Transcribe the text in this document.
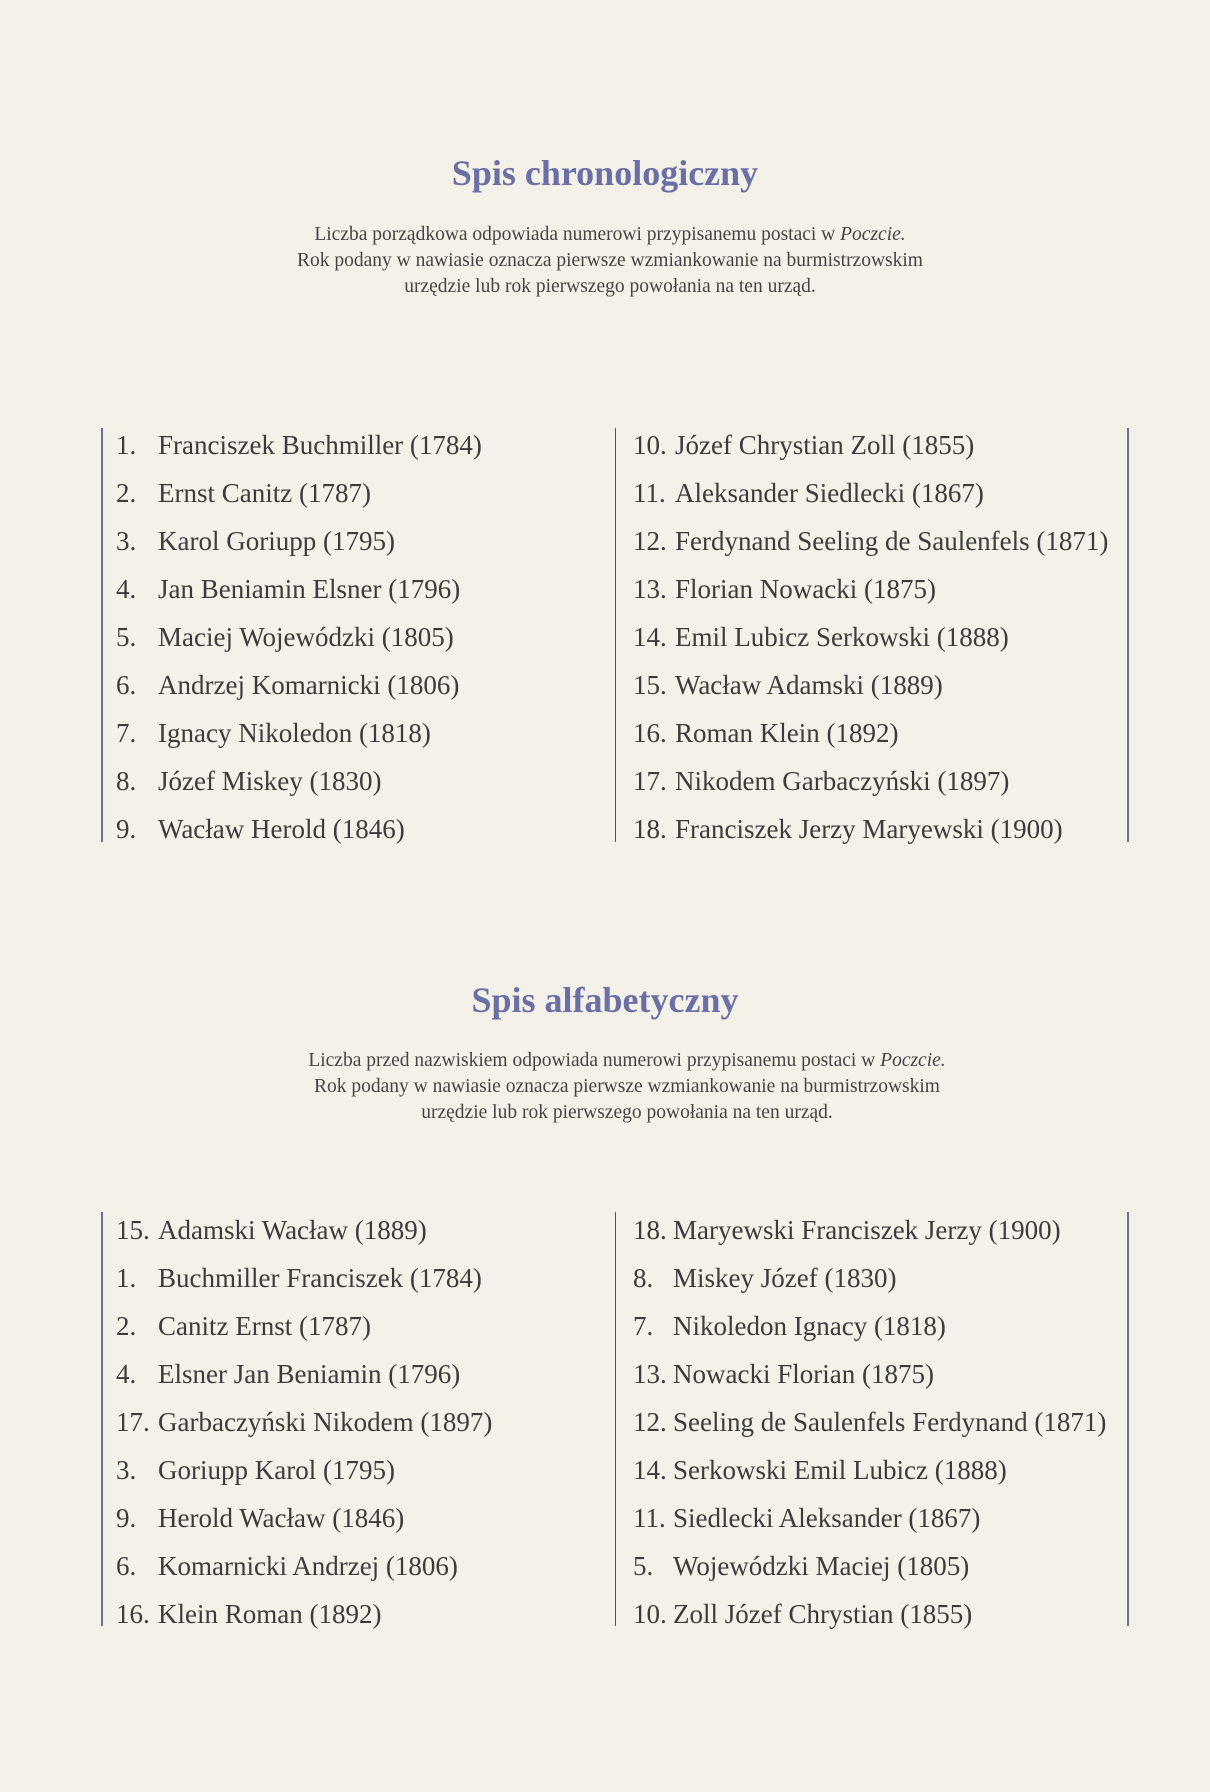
Spis chronologiczny

Liczba porządkowa odpowiada numerowi przypisanemu postaci w Poczcie.

Rok podany w nawiasie oznacza pierwsze wzmiankowanie na burmistrzowskim

urzędzie lub rok pierwszego powołania na ten urząd.

1. Franciszek Buchmiller (1784)
2. Ernst Canitz (1787)
3. Karol Goriupp (1795)
4. Jan Beniamin Elsner (1796)
5. Maciej Wojewódzki (1805)
6. Andrzej Komarnicki (1806)
7. Ignacy Nikoledon (1818)
8. Józef Miskey (1830)
9. Wacław Herold (1846)
10. Józef Chrystian Zoll (1855)
11. Aleksander Siedlecki (1867)
12. Ferdynand Seeling de Saulenfels (1871)
13. Florian Nowacki (1875)
14. Emil Lubicz Serkowski (1888)
15. Wacław Adamski (1889)
16. Roman Klein (1892)
17. Nikodem Garbaczyński (1897)
18. Franciszek Jerzy Maryewski (1900)
Spis alfabetyczny

Liczba przed nazwiskiem odpowiada numerowi przypisanemu postaci w Poczcie.

Rok podany w nawiasie oznacza pierwsze wzmiankowanie na burmistrzowskim

urzędzie lub rok pierwszego powołania na ten urząd.

15. Adamski Wacław (1889)
1. Buchmiller Franciszek (1784)
2. Canitz Ernst (1787)
4. Elsner Jan Beniamin (1796)
17. Garbaczyński Nikodem (1897)
3. Goriupp Karol (1795)
9. Herold Wacław (1846)
6. Komarnicki Andrzej (1806)
16. Klein Roman (1892)
18. Maryewski Franciszek Jerzy (1900)
8. Miskey Józef (1830)
7. Nikoledon Ignacy (1818)
13. Nowacki Florian (1875)
12. Seeling de Saulenfels Ferdynand (1871)
14. Serkowski Emil Lubicz (1888)
11. Siedlecki Aleksander (1867)
5. Wojewódzki Maciej (1805)
10. Zoll Józef Chrystian (1855)
